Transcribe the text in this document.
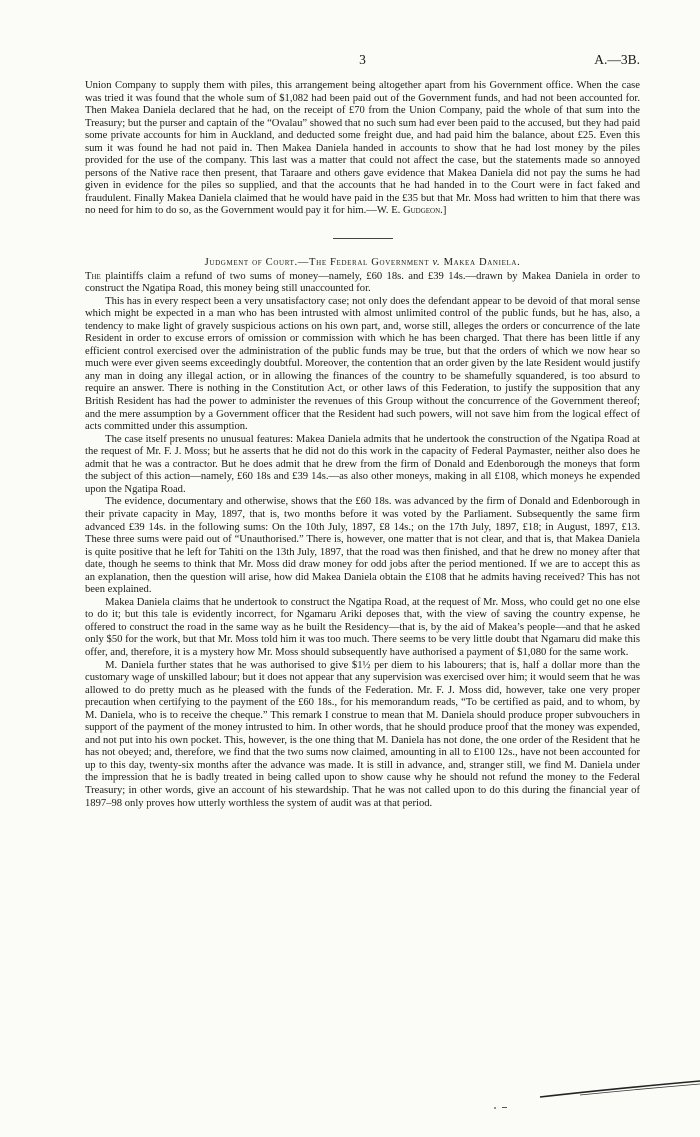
3	A.—3B.

Union Company to supply them with piles, this arrangement being altogether apart from his Government office. When the case was tried it was found that the whole sum of $1,082 had been paid out of the Government funds, and had not been accounted for. Then Makea Daniela declared that he had, on the receipt of £70 from the Union Company, paid the whole of that sum into the Treasury; but the purser and captain of the “Ovalau” showed that no such sum had ever been paid to the accused, but they had paid some private accounts for him in Auckland, and deducted some freight due, and had paid him the balance, about £25. Even this sum it was found he had not paid in. Then Makea Daniela handed in accounts to show that he had lost money by the piles provided for the use of the company. This last was a matter that could not affect the case, but the statements made so annoyed persons of the Native race then present, that Taraare and others gave evidence that Makea Daniela did not pay the sums he had given in evidence for the piles so supplied, and that the accounts that he had handed in to the Court were in fact faked and fraudulent. Finally Makea Daniela claimed that he would have paid in the £35 but that Mr. Moss had written to him that there was no need for him to do so, as the Government would pay it for him.—W. E. Gudgeon.]

Judgment of Court.—The Federal Government v. Makea Daniela.

The plaintiffs claim a refund of two sums of money—namely, £60 18s. and £39 14s.—drawn by Makea Daniela in order to construct the Ngatipa Road, this money being still unaccounted for.

This has in every respect been a very unsatisfactory case; not only does the defendant appear to be devoid of that moral sense which might be expected in a man who has been intrusted with almost unlimited control of the public funds, but he has, also, a tendency to make light of gravely suspicious actions on his own part, and, worse still, alleges the orders or concurrence of the late Resident in order to excuse errors of omission or commission with which he has been charged. That there has been little if any efficient control exercised over the administration of the public funds may be true, but that the orders of which we now hear so much were ever given seems exceedingly doubtful. Moreover, the contention that an order given by the late Resident would justify any man in doing any illegal action, or in allowing the finances of the country to be shamefully squandered, is too absurd to require an answer. There is nothing in the Constitution Act, or other laws of this Federation, to justify the supposition that any British Resident has had the power to administer the revenues of this Group without the concurrence of the Government thereof; and the mere assumption by a Government officer that the Resident had such powers, will not save him from the logical effect of acts committed under this assumption.

The case itself presents no unusual features: Makea Daniela admits that he undertook the construction of the Ngatipa Road at the request of Mr. F. J. Moss; but he asserts that he did not do this work in the capacity of Federal Paymaster, neither also does he admit that he was a contractor. But he does admit that he drew from the firm of Donald and Edenborough the moneys that form the subject of this action—namely, £60 18s and £39 14s.—as also other moneys, making in all £108, which moneys he expended upon the Ngatipa Road.

The evidence, documentary and otherwise, shows that the £60 18s. was advanced by the firm of Donald and Edenborough in their private capacity in May, 1897, that is, two months before it was voted by the Parliament. Subsequently the same firm advanced £39 14s. in the following sums: On the 10th July, 1897, £8 14s.; on the 17th July, 1897, £18; in August, 1897, £13. These three sums were paid out of “Unauthorised.” There is, however, one matter that is not clear, and that is, that Makea Daniela is quite positive that he left for Tahiti on the 13th July, 1897, that the road was then finished, and that he drew no money after that date, though he seems to think that Mr. Moss did draw money for odd jobs after the period mentioned. If we are to accept this as an explanation, then the question will arise, how did Makea Daniela obtain the £108 that he admits having received? This has not been explained.

Makea Daniela claims that he undertook to construct the Ngatipa Road, at the request of Mr. Moss, who could get no one else to do it; but this tale is evidently incorrect, for Ngamaru Ariki deposes that, with the view of saving the country expense, he offered to construct the road in the same way as he built the Residency—that is, by the aid of Makea’s people—and that he asked only $50 for the work, but that Mr. Moss told him it was too much. There seems to be very little doubt that Ngamaru did make this offer, and, therefore, it is a mystery how Mr. Moss should subsequently have authorised a payment of $1,080 for the same work.

M. Daniela further states that he was authorised to give $1½ per diem to his labourers; that is, half a dollar more than the customary wage of unskilled labour; but it does not appear that any supervision was exercised over him; it would seem that he was allowed to do pretty much as he pleased with the funds of the Federation. Mr. F. J. Moss did, however, take one very proper precaution when certifying to the payment of the £60 18s., for his memorandum reads, “To be certified as paid, and to whom, by M. Daniela, who is to receive the cheque.” This remark I construe to mean that M. Daniela should produce proper subvouchers in support of the payment of the money intrusted to him. In other words, that he should produce proof that the money was expended, and not put into his own pocket. This, however, is the one thing that M. Daniela has not done, the one order of the Resident that he has not obeyed; and, therefore, we find that the two sums now claimed, amounting in all to £100 12s., have not been accounted for up to this day, twenty-six months after the advance was made. It is still in advance, and, stranger still, we find M. Daniela under the impression that he is badly treated in being called upon to show cause why he should not refund the money to the Federal Treasury; in other words, give an account of his stewardship. That he was not called upon to do this during the financial year of 1897–98 only proves how utterly worthless the system of audit was at that period.
